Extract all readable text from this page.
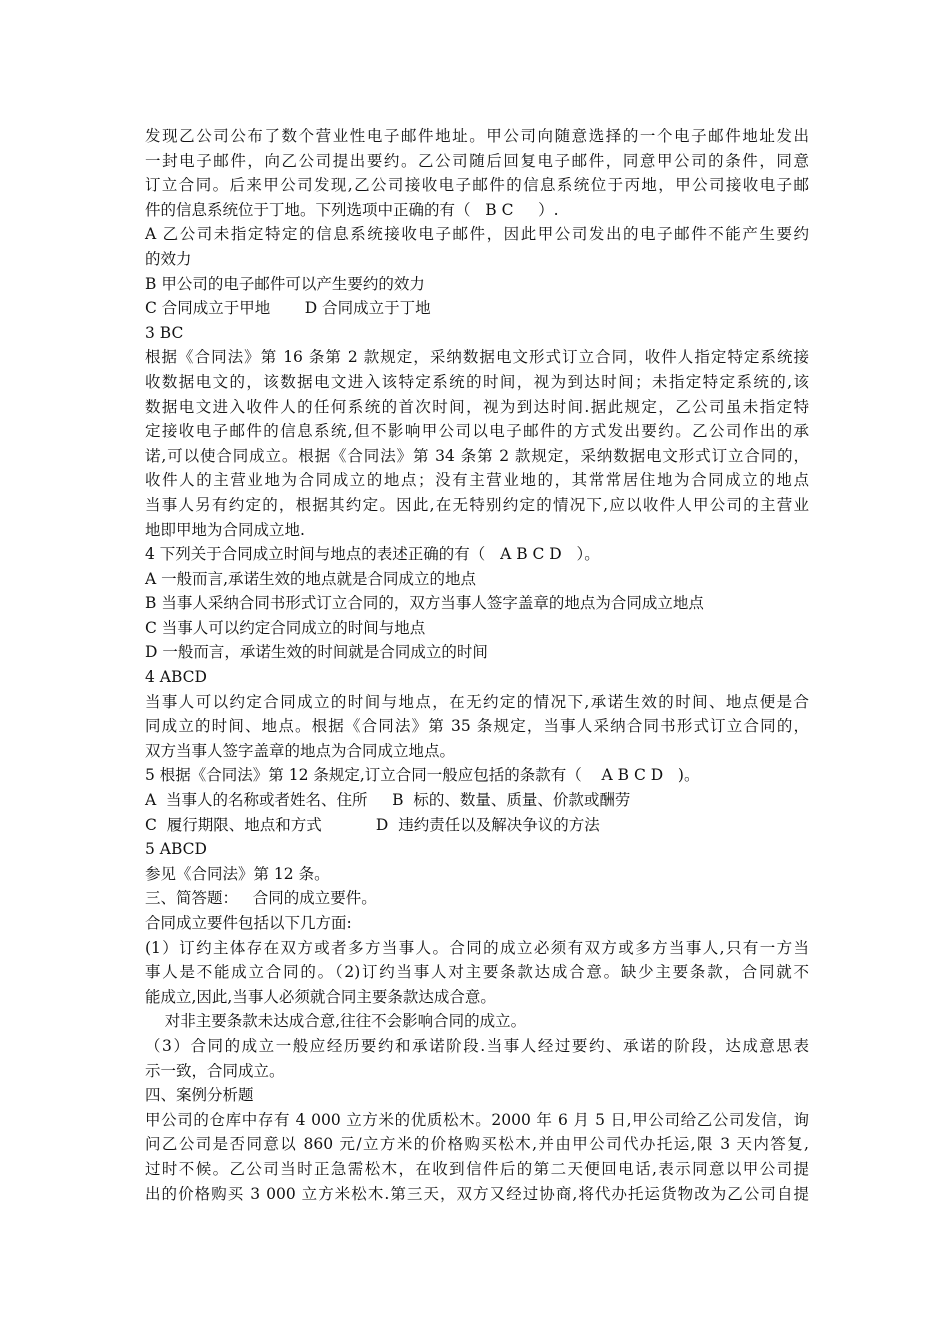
发现乙公司公布了数个营业性电子邮件地址。甲公司向随意选择的一个电子邮件地址发出
一封电子邮件，向乙公司提出要约。乙公司随后回复电子邮件，同意甲公司的条件，同意
订立合同。后来甲公司发现,乙公司接收电子邮件的信息系统位于丙地，甲公司接收电子邮
件的信息系统位于丁地。下列选项中正确的有（   B C     ）.
A 乙公司未指定特定的信息系统接收电子邮件，因此甲公司发出的电子邮件不能产生要约
的效力
B 甲公司的电子邮件可以产生要约的效力
C 合同成立于甲地       D 合同成立于丁地
3 BC
根据《合同法》第 16 条第 2 款规定，采纳数据电文形式订立合同，收件人指定特定系统接
收数据电文的，该数据电文进入该特定系统的时间，视为到达时间；未指定特定系统的,该
数据电文进入收件人的任何系统的首次时间，视为到达时间.据此规定，乙公司虽未指定特
定接收电子邮件的信息系统,但不影响甲公司以电子邮件的方式发出要约。乙公司作出的承
诺,可以使合同成立。根据《合同法》第 34 条第 2 款规定，采纳数据电文形式订立合同的，
收件人的主营业地为合同成立的地点；没有主营业地的，其常常居住地为合同成立的地点
当事人另有约定的，根据其约定。因此,在无特别约定的情况下,应以收件人甲公司的主营业
地即甲地为合同成立地.
4 下列关于合同成立时间与地点的表述正确的有（   A B C D   ）。
A 一般而言,承诺生效的地点就是合同成立的地点
B 当事人采纳合同书形式订立合同的，双方当事人签字盖章的地点为合同成立地点
C 当事人可以约定合同成立的时间与地点
D 一般而言，承诺生效的时间就是合同成立的时间
4 ABCD
当事人可以约定合同成立的时间与地点，在无约定的情况下,承诺生效的时间、地点便是合
同成立的时间、地点。根据《合同法》第 35 条规定，当事人采纳合同书形式订立合同的，
双方当事人签字盖章的地点为合同成立地点。
5 根据《合同法》第 12 条规定,订立合同一般应包括的条款有（    A B C D   )。
A  当事人的名称或者姓名、住所     B  标的、数量、质量、价款或酬劳
C  履行期限、地点和方式           D  违约责任以及解决争议的方法
5 ABCD
参见《合同法》第 12 条。
三、简答题：   合同的成立要件。
合同成立要件包括以下几方面:
(1）订约主体存在双方或者多方当事人。合同的成立必须有双方或多方当事人,只有一方当
事人是不能成立合同的。（2)订约当事人对主要条款达成合意。缺少主要条款，合同就不
能成立,因此,当事人必须就合同主要条款达成合意。
对非主要条款未达成合意,往往不会影响合同的成立。
（3）合同的成立一般应经历要约和承诺阶段.当事人经过要约、承诺的阶段，达成意思表
示一致，合同成立。
四、案例分析题
甲公司的仓库中存有 4 000 立方米的优质松木。2000 年 6 月 5 日,甲公司给乙公司发信，询
问乙公司是否同意以 860 元/立方米的价格购买松木,并由甲公司代办托运,限 3 天内答复,
过时不候。乙公司当时正急需松木，在收到信件后的第二天便回电话,表示同意以甲公司提
出的价格购买 3 000 立方米松木.第三天，双方又经过协商,将代办托运货物改为乙公司自提
